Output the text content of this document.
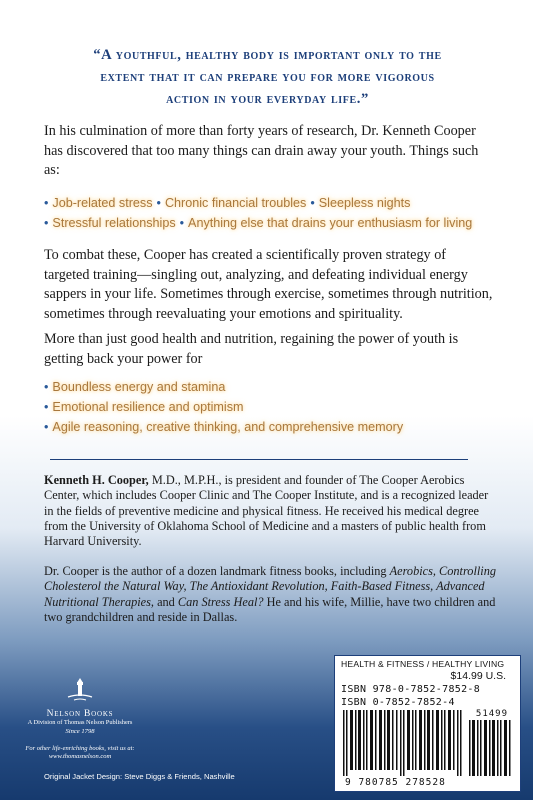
“A youthful, healthy body is important only to the
extent that it can prepare you for more vigorous
action in your everyday life.”
In his culmination of more than forty years of research, Dr. Kenneth Cooper has discovered that too many things can drain away your youth. Things such as:
• Job-related stress • Chronic financial troubles • Sleepless nights
• Stressful relationships • Anything else that drains your enthusiasm for living
To combat these, Cooper has created a scientifically proven strategy of targeted training—singling out, analyzing, and defeating individual energy sappers in your life. Sometimes through exercise, sometimes through nutrition, sometimes through reevaluating your emotions and spirituality.
More than just good health and nutrition, regaining the power of youth is getting back your power for
• Boundless energy and stamina
• Emotional resilience and optimism
• Agile reasoning, creative thinking, and comprehensive memory
Kenneth H. Cooper, M.D., M.P.H., is president and founder of The Cooper Aerobics Center, which includes Cooper Clinic and The Cooper Institute, and is a recognized leader in the fields of preventive medicine and physical fitness. He received his medical degree from the University of Oklahoma School of Medicine and a masters of public health from Harvard University.
Dr. Cooper is the author of a dozen landmark fitness books, including Aerobics, Controlling Cholesterol the Natural Way, The Antioxidant Revolution, Faith-Based Fitness, Advanced Nutritional Therapies, and Can Stress Heal? He and his wife, Millie, have two children and two grandchildren and reside in Dallas.
Nelson Books
A Division of Thomas Nelson Publishers
Since 1798
For other life-enriching books, visit us at:
www.thomasnelson.com
Original Jacket Design: Steve Diggs & Friends, Nashville
HEALTH & FITNESS / HEALTHY LIVING
$14.99 U.S.
ISBN 978-0-7852-7852-8
ISBN 0-7852-7852-4
51499
9 780785 278528
